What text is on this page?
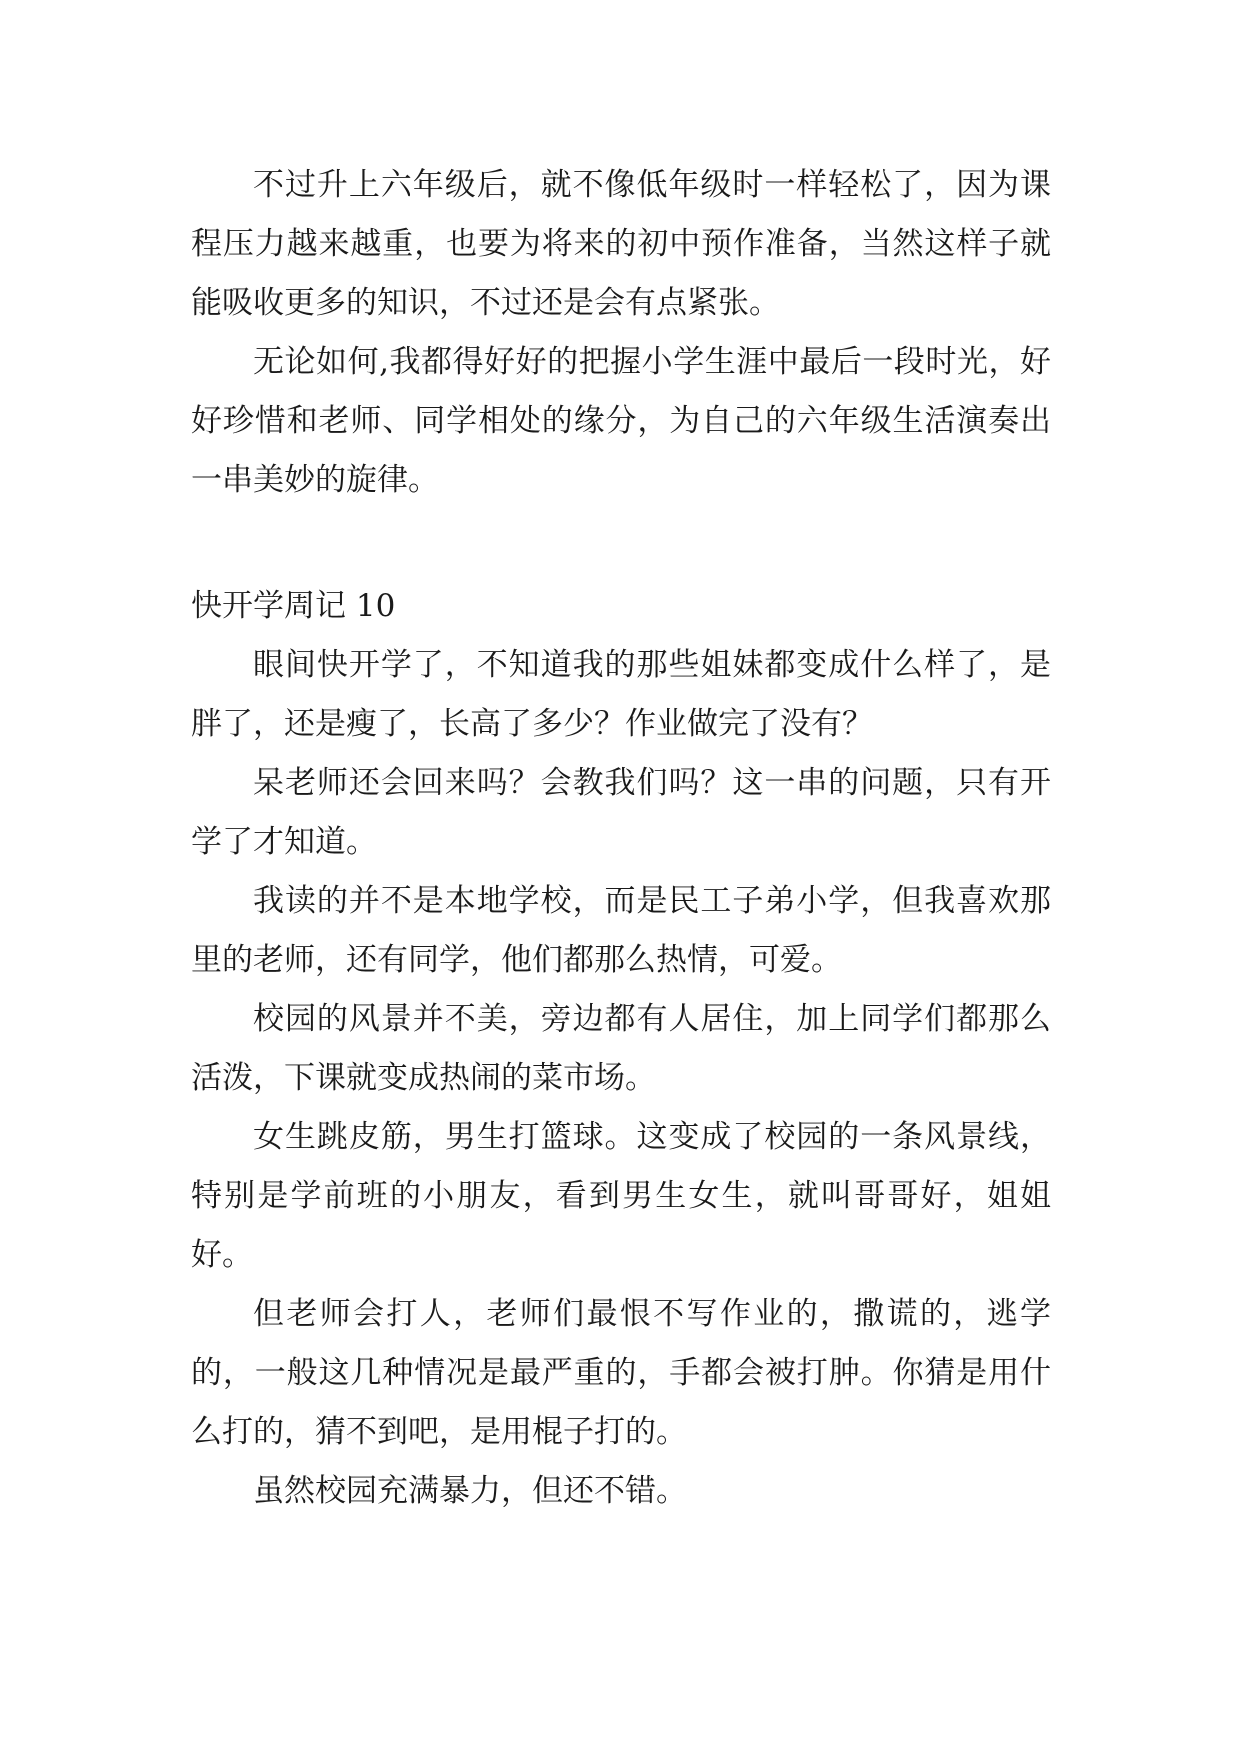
不过升上六年级后，就不像低年级时一样轻松了，因为课程压力越来越重，也要为将来的初中预作准备，当然这样子就能吸收更多的知识，不过还是会有点紧张。

无论如何,我都得好好的把握小学生涯中最后一段时光，好好珍惜和老师、同学相处的缘分，为自己的六年级生活演奏出一串美妙的旋律。

快开学周记 10

眼间快开学了，不知道我的那些姐妹都变成什么样了，是胖了，还是瘦了，长高了多少？作业做完了没有？

呆老师还会回来吗？会教我们吗？这一串的问题，只有开学了才知道。

我读的并不是本地学校，而是民工子弟小学，但我喜欢那里的老师，还有同学，他们都那么热情，可爱。

校园的风景并不美，旁边都有人居住，加上同学们都那么活泼，下课就变成热闹的菜市场。

女生跳皮筋，男生打篮球。这变成了校园的一条风景线，特别是学前班的小朋友，看到男生女生，就叫哥哥好，姐姐好。

但老师会打人，老师们最恨不写作业的，撒谎的，逃学的，一般这几种情况是最严重的，手都会被打肿。你猜是用什么打的，猜不到吧，是用棍子打的。

虽然校园充满暴力，但还不错。
